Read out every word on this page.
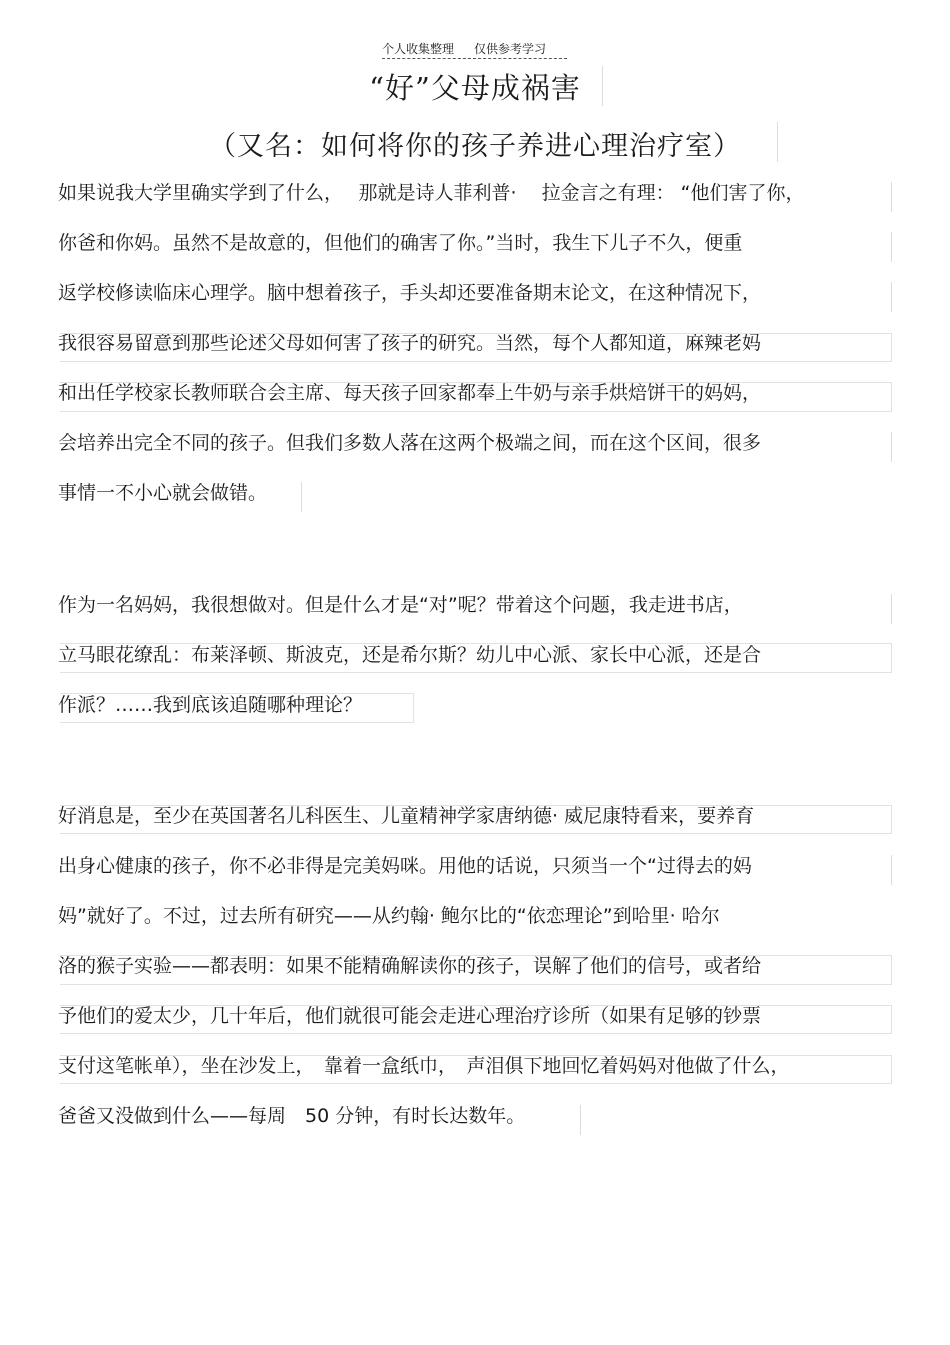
个人收集整理 仅供参考学习
“好”父母成祸害
（又名：如何将你的孩子养进心理治疗室）
如果说我大学里确实学到了什么，　 那就是诗人菲利普· 　拉金言之有理： “他们害了你，
你爸和你妈。虽然不是故意的，但他们的确害了你。”当时，我生下儿子不久，便重
返学校修读临床心理学。脑中想着孩子，手头却还要准备期末论文，在这种情况下，
我很容易留意到那些论述父母如何害了孩子的研究。当然，每个人都知道，麻辣老妈
和出任学校家长教师联合会主席、每天孩子回家都奉上牛奶与亲手烘焙饼干的妈妈，
会培养出完全不同的孩子。但我们多数人落在这两个极端之间，而在这个区间，很多
事情一不小心就会做错。
作为一名妈妈，我很想做对。但是什么才是“对”呢？带着这个问题，我走进书店，
立马眼花缭乱：布莱泽顿、斯波克，还是希尔斯？幼儿中心派、家长中心派，还是合
作派？……我到底该追随哪种理论？
好消息是，至少在英国著名儿科医生、儿童精神学家唐纳德· 威尼康特看来，要养育
出身心健康的孩子，你不必非得是完美妈咪。用他的话说，只须当一个“过得去的妈
妈”就好了。不过，过去所有研究——从约翰· 鲍尔比的“依恋理论”到哈里· 哈尔
洛的猴子实验——都表明：如果不能精确解读你的孩子，误解了他们的信号，或者给
予他们的爱太少，几十年后，他们就很可能会走进心理治疗诊所（如果有足够的钞票
支付这笔帐单），坐在沙发上，　靠着一盒纸巾，　声泪俱下地回忆着妈妈对他做了什么，
爸爸又没做到什么——每周　50 分钟，有时长达数年。
